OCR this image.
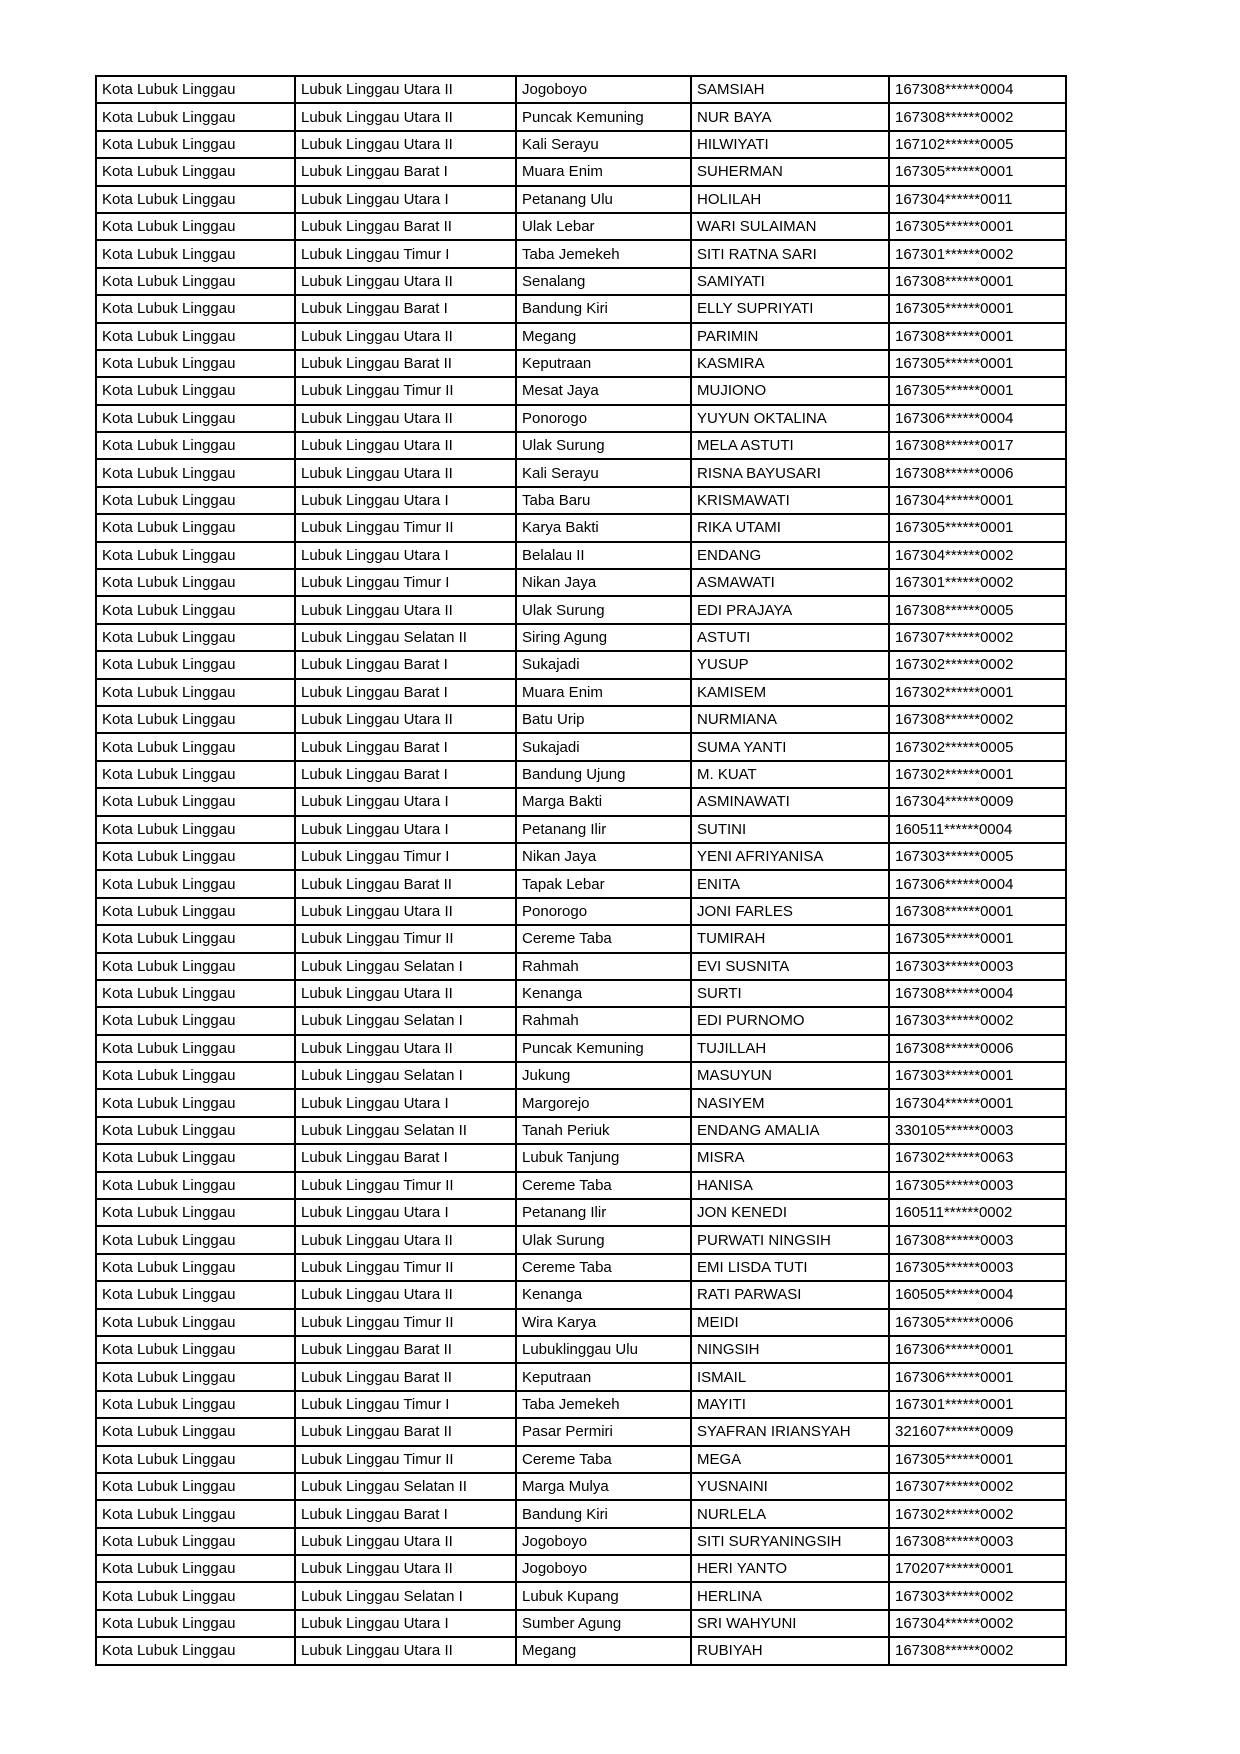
Kota Lubuk Linggau	Lubuk Linggau Utara II	Jogoboyo	SAMSIAH	167308******0004
Kota Lubuk Linggau	Lubuk Linggau Utara II	Puncak Kemuning	NUR BAYA	167308******0002
Kota Lubuk Linggau	Lubuk Linggau Utara II	Kali Serayu	HILWIYATI	167102******0005
Kota Lubuk Linggau	Lubuk Linggau Barat I	Muara Enim	SUHERMAN	167305******0001
Kota Lubuk Linggau	Lubuk Linggau Utara I	Petanang Ulu	HOLILAH	167304******0011
Kota Lubuk Linggau	Lubuk Linggau Barat II	Ulak Lebar	WARI SULAIMAN	167305******0001
Kota Lubuk Linggau	Lubuk Linggau Timur I	Taba Jemekeh	SITI RATNA SARI	167301******0002
Kota Lubuk Linggau	Lubuk Linggau Utara II	Senalang	SAMIYATI	167308******0001
Kota Lubuk Linggau	Lubuk Linggau Barat I	Bandung Kiri	ELLY SUPRIYATI	167305******0001
Kota Lubuk Linggau	Lubuk Linggau Utara II	Megang	PARIMIN	167308******0001
Kota Lubuk Linggau	Lubuk Linggau Barat II	Keputraan	KASMIRA	167305******0001
Kota Lubuk Linggau	Lubuk Linggau Timur II	Mesat Jaya	MUJIONO	167305******0001
Kota Lubuk Linggau	Lubuk Linggau Utara II	Ponorogo	YUYUN OKTALINA	167306******0004
Kota Lubuk Linggau	Lubuk Linggau Utara II	Ulak Surung	MELA ASTUTI	167308******0017
Kota Lubuk Linggau	Lubuk Linggau Utara II	Kali Serayu	RISNA BAYUSARI	167308******0006
Kota Lubuk Linggau	Lubuk Linggau Utara I	Taba Baru	KRISMAWATI	167304******0001
Kota Lubuk Linggau	Lubuk Linggau Timur II	Karya Bakti	RIKA UTAMI	167305******0001
Kota Lubuk Linggau	Lubuk Linggau Utara I	Belalau II	ENDANG	167304******0002
Kota Lubuk Linggau	Lubuk Linggau Timur I	Nikan Jaya	ASMAWATI	167301******0002
Kota Lubuk Linggau	Lubuk Linggau Utara II	Ulak Surung	EDI PRAJAYA	167308******0005
Kota Lubuk Linggau	Lubuk Linggau Selatan II	Siring Agung	ASTUTI	167307******0002
Kota Lubuk Linggau	Lubuk Linggau Barat I	Sukajadi	YUSUP	167302******0002
Kota Lubuk Linggau	Lubuk Linggau Barat I	Muara Enim	KAMISEM	167302******0001
Kota Lubuk Linggau	Lubuk Linggau Utara II	Batu Urip	NURMIANA	167308******0002
Kota Lubuk Linggau	Lubuk Linggau Barat I	Sukajadi	SUMA YANTI	167302******0005
Kota Lubuk Linggau	Lubuk Linggau Barat I	Bandung Ujung	M. KUAT	167302******0001
Kota Lubuk Linggau	Lubuk Linggau Utara I	Marga Bakti	ASMINAWATI	167304******0009
Kota Lubuk Linggau	Lubuk Linggau Utara I	Petanang Ilir	SUTINI	160511******0004
Kota Lubuk Linggau	Lubuk Linggau Timur I	Nikan Jaya	YENI AFRIYANISA	167303******0005
Kota Lubuk Linggau	Lubuk Linggau Barat II	Tapak Lebar	ENITA	167306******0004
Kota Lubuk Linggau	Lubuk Linggau Utara II	Ponorogo	JONI FARLES	167308******0001
Kota Lubuk Linggau	Lubuk Linggau Timur II	Cereme Taba	TUMIRAH	167305******0001
Kota Lubuk Linggau	Lubuk Linggau Selatan I	Rahmah	EVI SUSNITA	167303******0003
Kota Lubuk Linggau	Lubuk Linggau Utara II	Kenanga	SURTI	167308******0004
Kota Lubuk Linggau	Lubuk Linggau Selatan I	Rahmah	EDI PURNOMO	167303******0002
Kota Lubuk Linggau	Lubuk Linggau Utara II	Puncak Kemuning	TUJILLAH	167308******0006
Kota Lubuk Linggau	Lubuk Linggau Selatan I	Jukung	MASUYUN	167303******0001
Kota Lubuk Linggau	Lubuk Linggau Utara I	Margorejo	NASIYEM	167304******0001
Kota Lubuk Linggau	Lubuk Linggau Selatan II	Tanah Periuk	ENDANG AMALIA	330105******0003
Kota Lubuk Linggau	Lubuk Linggau Barat I	Lubuk Tanjung	MISRA	167302******0063
Kota Lubuk Linggau	Lubuk Linggau Timur II	Cereme Taba	HANISA	167305******0003
Kota Lubuk Linggau	Lubuk Linggau Utara I	Petanang Ilir	JON KENEDI	160511******0002
Kota Lubuk Linggau	Lubuk Linggau Utara II	Ulak Surung	PURWATI NINGSIH	167308******0003
Kota Lubuk Linggau	Lubuk Linggau Timur II	Cereme Taba	EMI LISDA TUTI	167305******0003
Kota Lubuk Linggau	Lubuk Linggau Utara II	Kenanga	RATI PARWASI	160505******0004
Kota Lubuk Linggau	Lubuk Linggau Timur II	Wira Karya	MEIDI	167305******0006
Kota Lubuk Linggau	Lubuk Linggau Barat II	Lubuklinggau Ulu	NINGSIH	167306******0001
Kota Lubuk Linggau	Lubuk Linggau Barat II	Keputraan	ISMAIL	167306******0001
Kota Lubuk Linggau	Lubuk Linggau Timur I	Taba Jemekeh	MAYITI	167301******0001
Kota Lubuk Linggau	Lubuk Linggau Barat II	Pasar Permiri	SYAFRAN IRIANSYAH	321607******0009
Kota Lubuk Linggau	Lubuk Linggau Timur II	Cereme Taba	MEGA	167305******0001
Kota Lubuk Linggau	Lubuk Linggau Selatan II	Marga Mulya	YUSNAINI	167307******0002
Kota Lubuk Linggau	Lubuk Linggau Barat I	Bandung Kiri	NURLELA	167302******0002
Kota Lubuk Linggau	Lubuk Linggau Utara II	Jogoboyo	SITI SURYANINGSIH	167308******0003
Kota Lubuk Linggau	Lubuk Linggau Utara II	Jogoboyo	HERI YANTO	170207******0001
Kota Lubuk Linggau	Lubuk Linggau Selatan I	Lubuk Kupang	HERLINA	167303******0002
Kota Lubuk Linggau	Lubuk Linggau Utara I	Sumber Agung	SRI WAHYUNI	167304******0002
Kota Lubuk Linggau	Lubuk Linggau Utara II	Megang	RUBIYAH	167308******0002
